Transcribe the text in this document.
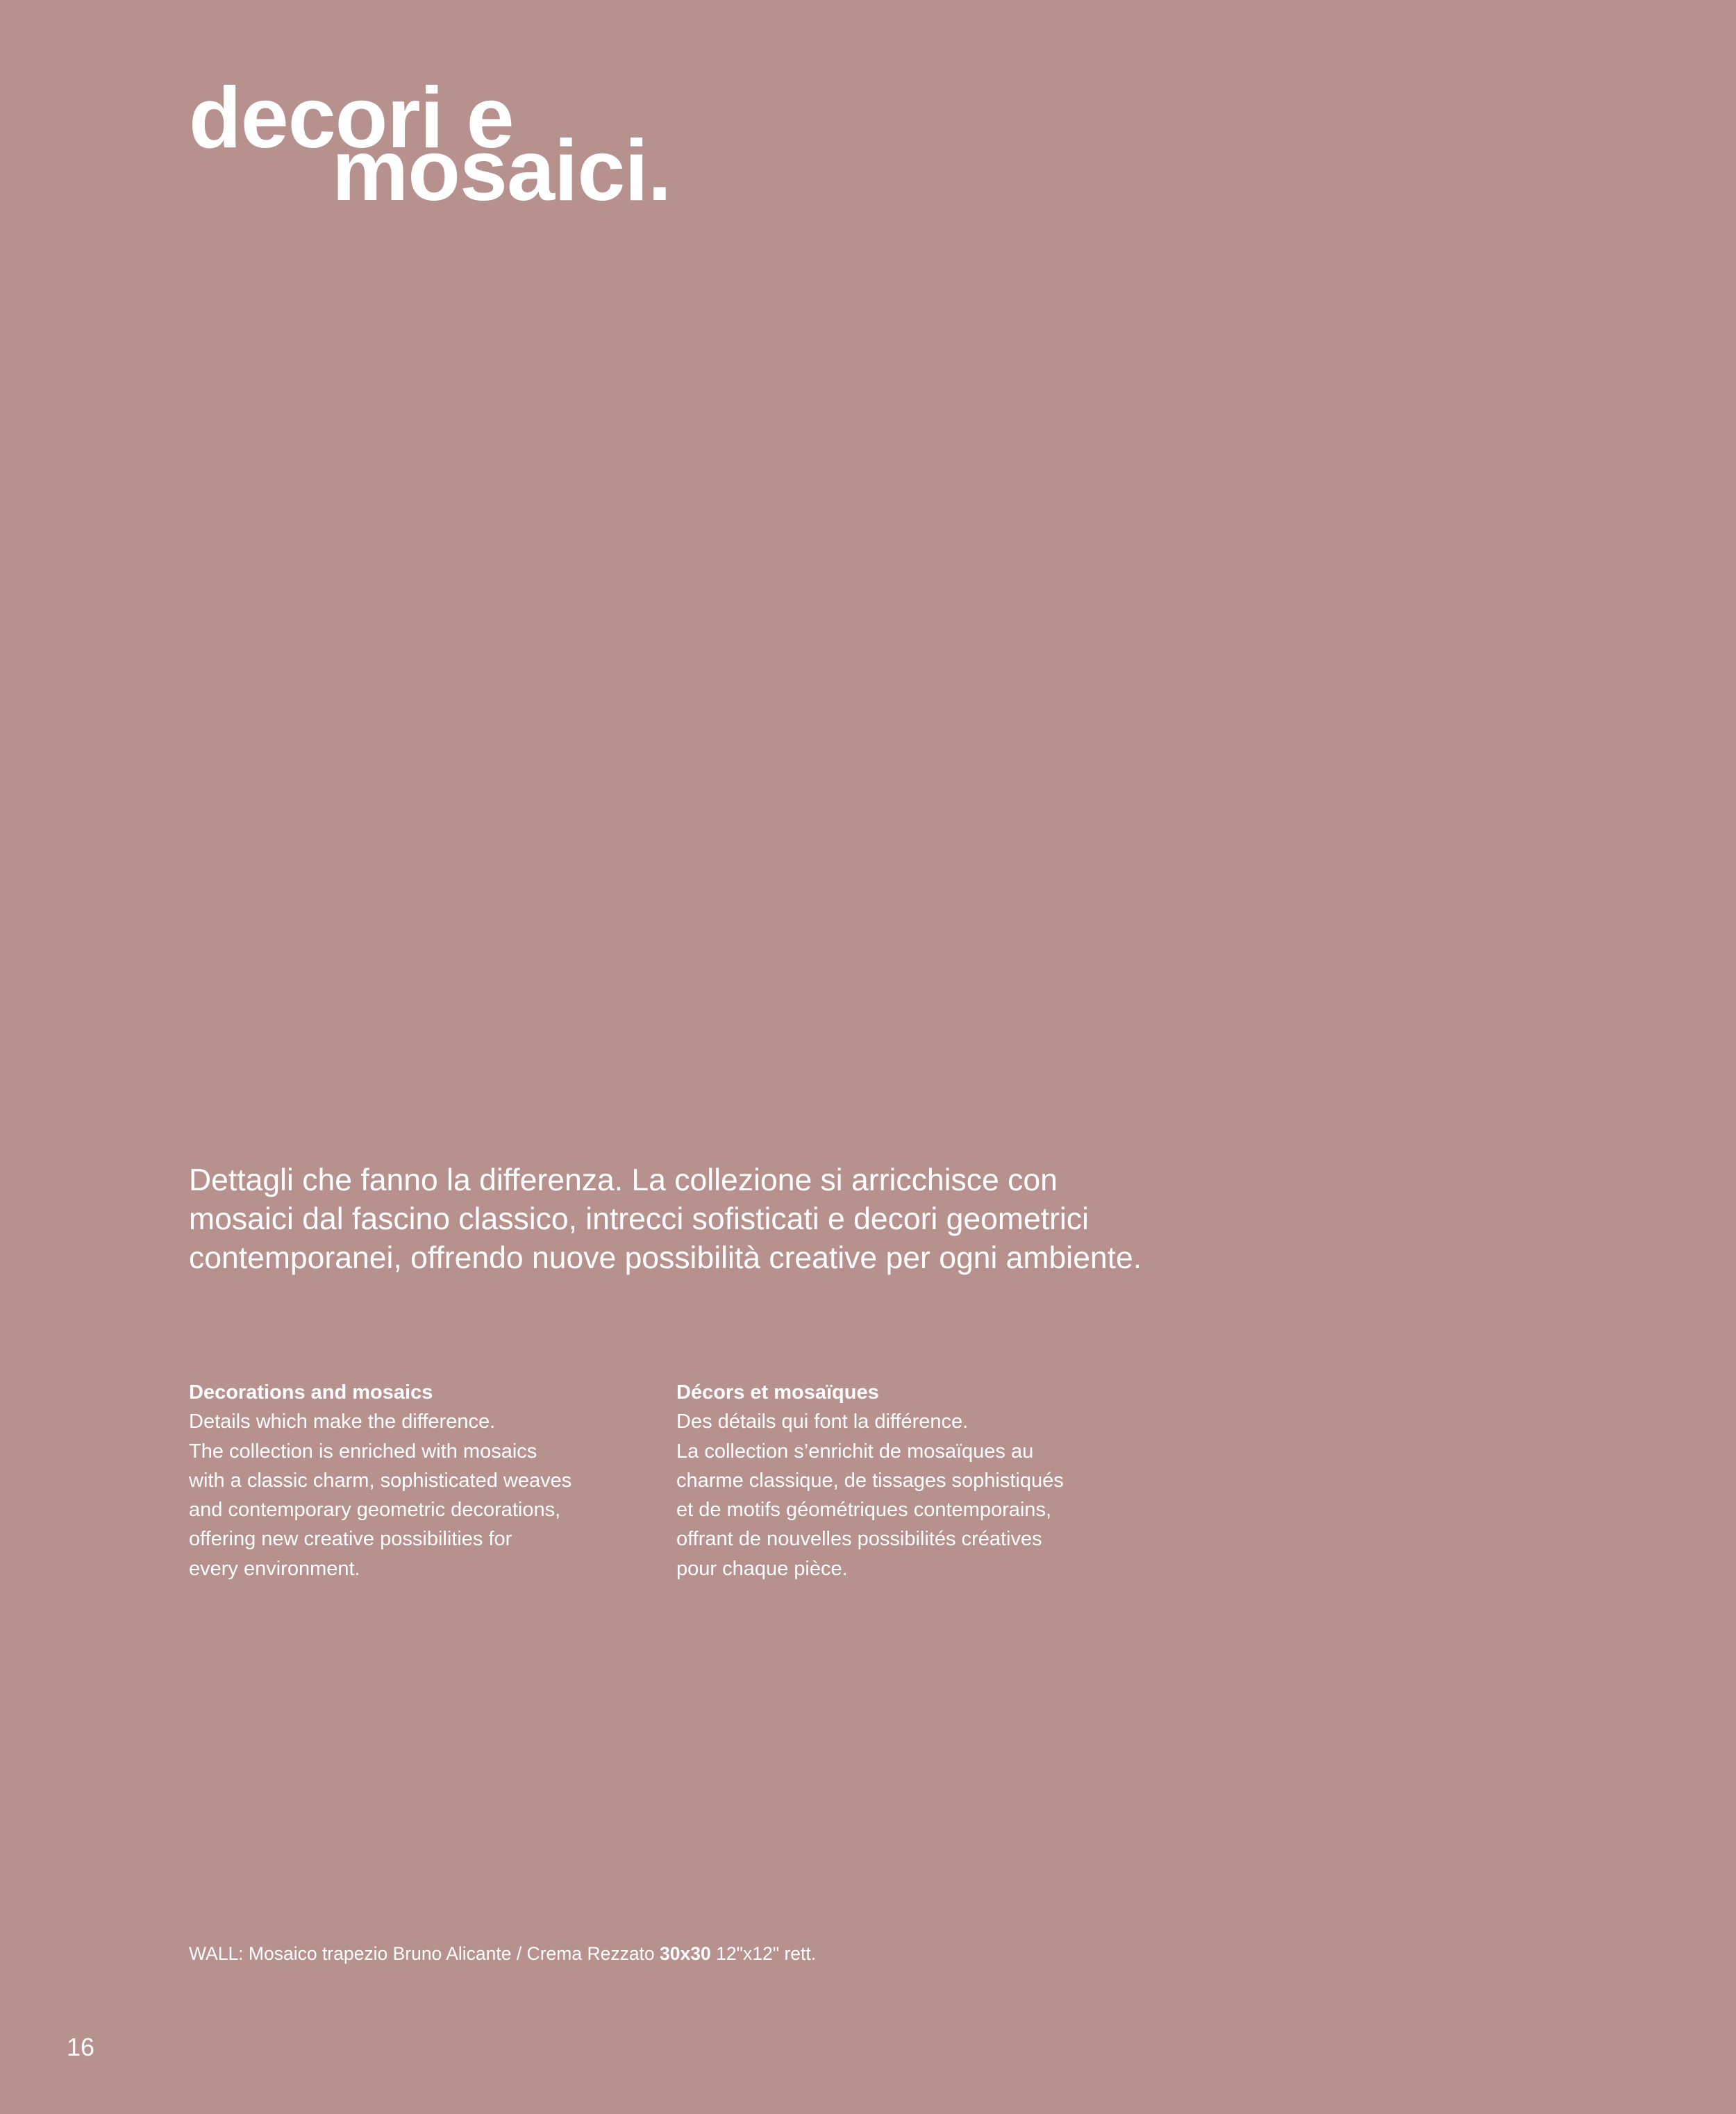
decori e
mosaici.

Dettagli che fanno la differenza. La collezione si arricchisce con mosaici dal fascino classico, intrecci sofisticati e decori geometrici contemporanei, offrendo nuove possibilità creative per ogni ambiente.

Decorations and mosaics
Details which make the difference.
The collection is enriched with mosaics
with a classic charm, sophisticated weaves
and contemporary geometric decorations,
offering new creative possibilities for
every environment.
Décors et mosaïques
Des détails qui font la différence.
La collection s’enrichit de mosaïques au
charme classique, de tissages sophistiqués
et de motifs géométriques contemporains,
offrant de nouvelles possibilités créatives
pour chaque pièce.
WALL: Mosaico trapezio Bruno Alicante / Crema Rezzato 30x30 12"x12" rett.
16
